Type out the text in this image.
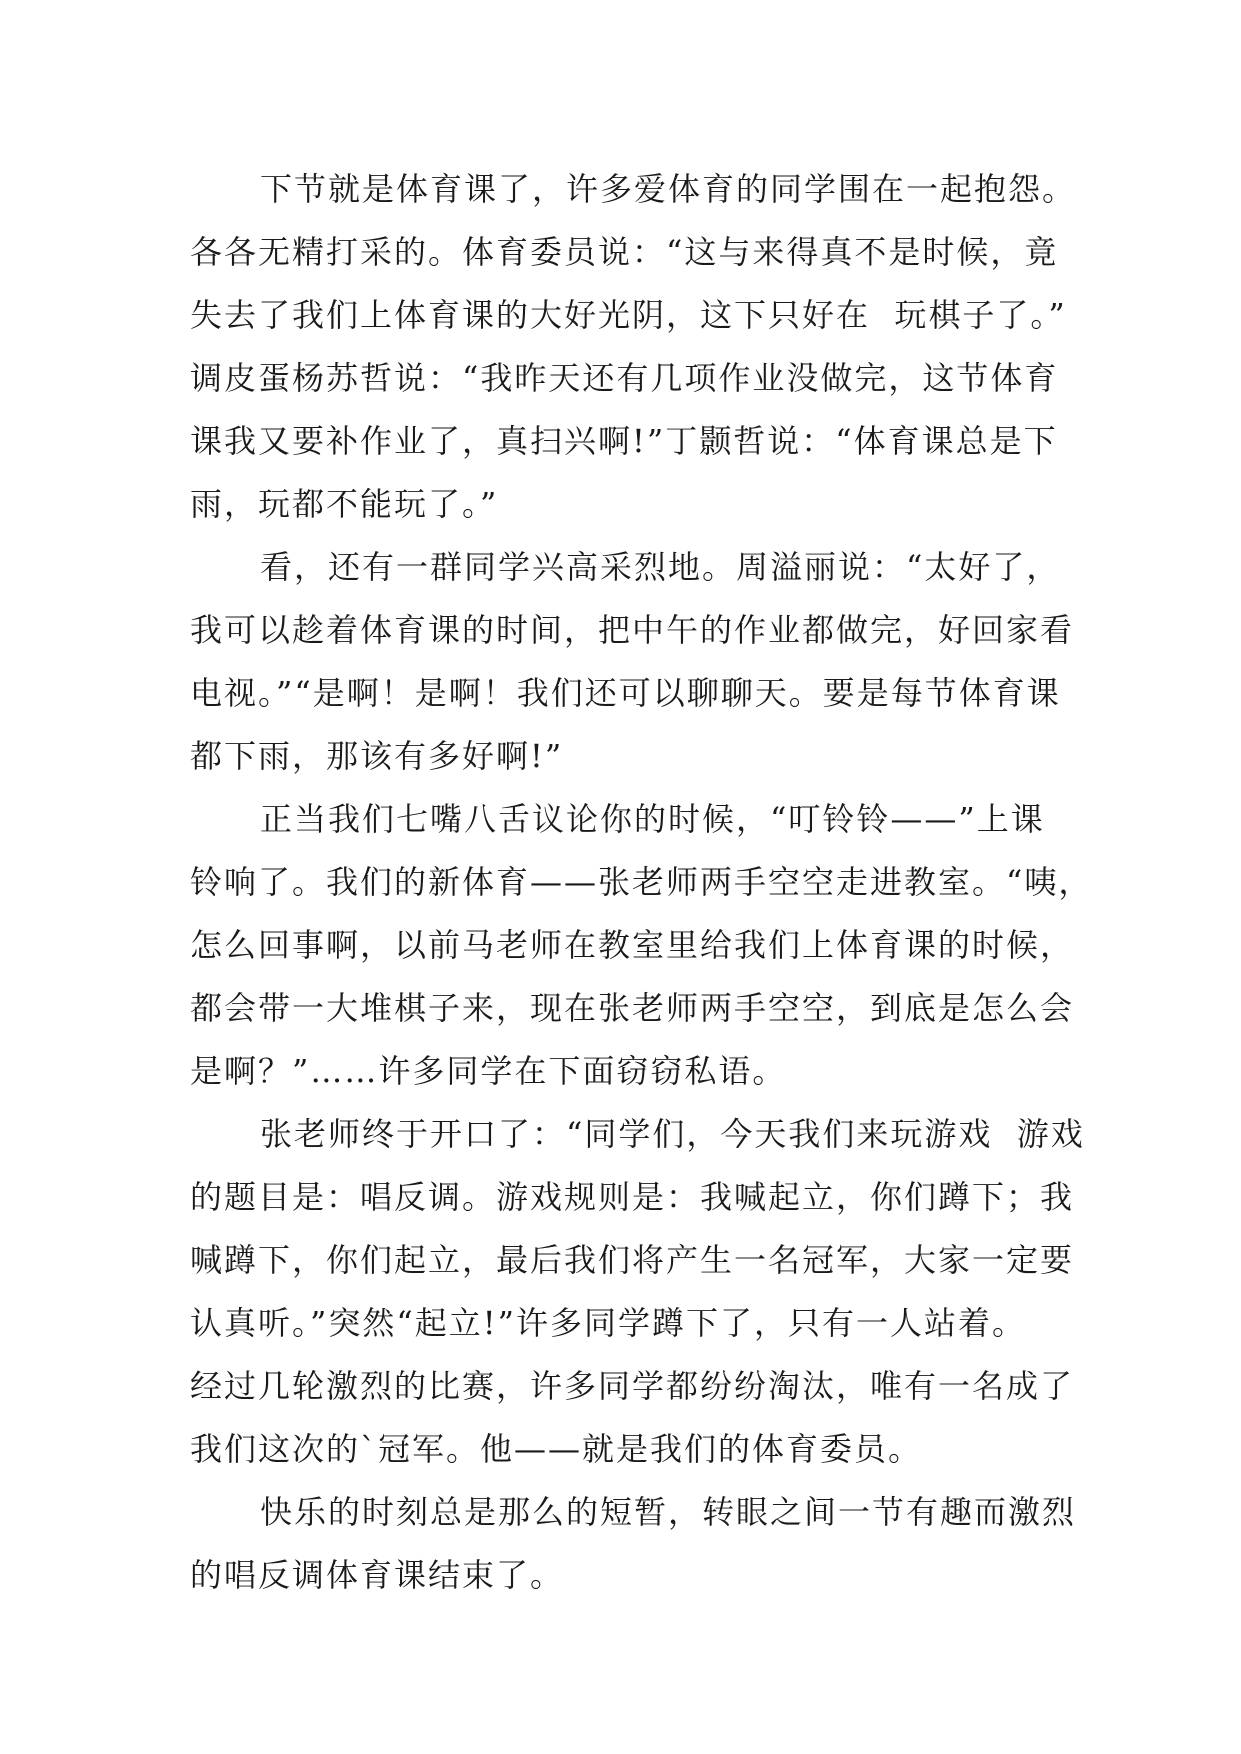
下节就是体育课了，许多爱体育的同学围在一起抱怨。
各各无精打采的。体育委员说：“这与来得真不是时候，竟
失去了我们上体育课的大好光阴，这下只好在  玩棋子了。”
调皮蛋杨苏哲说：“我昨天还有几项作业没做完，这节体育
课我又要补作业了，真扫兴啊!”丁颢哲说：“体育课总是下
雨，玩都不能玩了。”
看，还有一群同学兴高采烈地。周溢丽说：“太好了，
我可以趁着体育课的时间，把中午的作业都做完，好回家看
电视。”“是啊！是啊！我们还可以聊聊天。要是每节体育课
都下雨，那该有多好啊!”
正当我们七嘴八舌议论你的时候，“叮铃铃——”上课
铃响了。我们的新体育——张老师两手空空走进教室。“咦，
怎么回事啊，以前马老师在教室里给我们上体育课的时候，
都会带一大堆棋子来，现在张老师两手空空，到底是怎么会
是啊？”……许多同学在下面窃窃私语。
张老师终于开口了：“同学们，今天我们来玩游戏  游戏
的题目是：唱反调。游戏规则是：我喊起立，你们蹲下；我
喊蹲下，你们起立，最后我们将产生一名冠军，大家一定要
认真听。”突然“起立!”许多同学蹲下了，只有一人站着。
经过几轮激烈的比赛，许多同学都纷纷淘汰，唯有一名成了
我们这次的`冠军。他——就是我们的体育委员。
快乐的时刻总是那么的短暂，转眼之间一节有趣而激烈
的唱反调体育课结束了。
